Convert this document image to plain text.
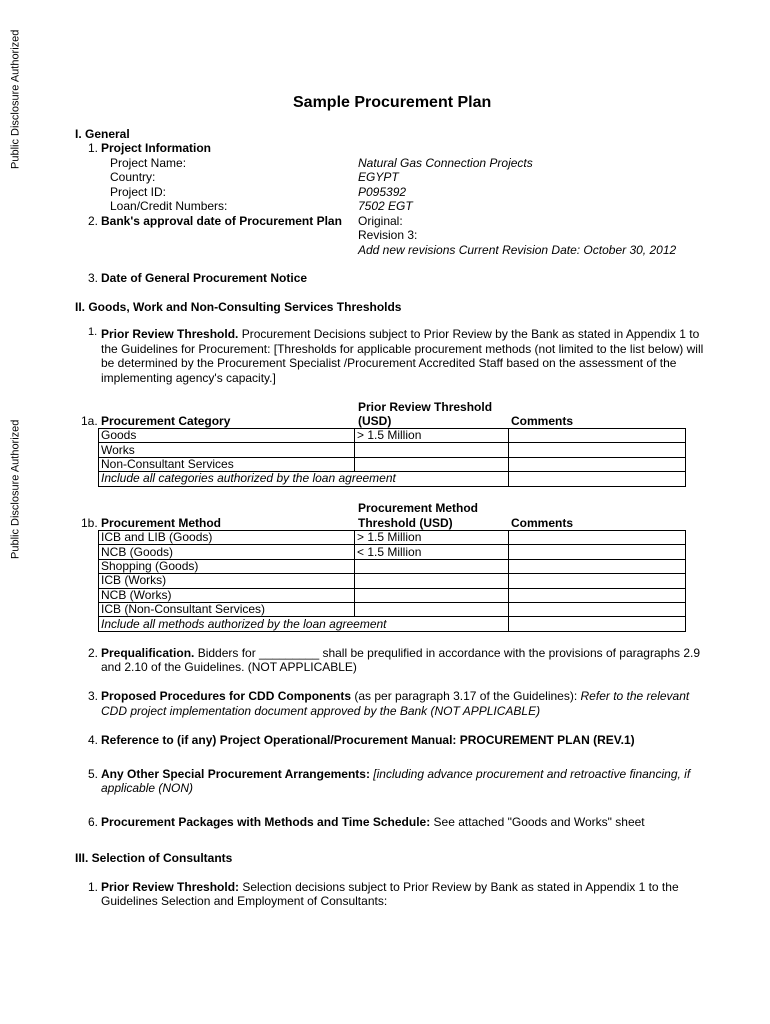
Public Disclosure Authorized
Public Disclosure Authorized
Sample Procurement Plan
I. General
1. Project Information
Project Name:	Natural Gas Connection Projects
Country:	EGYPT
Project ID:	P095392
Loan/Credit Numbers:	7502 EGT
2. Bank's approval date of Procurement Plan Original:
Revision 3:
Add new revisions Current Revision Date: October 30, 2012
3. Date of General Procurement Notice
II. Goods, Work and Non-Consulting Services Thresholds
1. Prior Review Threshold. Procurement Decisions subject to Prior Review by the Bank as stated in Appendix 1 to
the Guidelines for Procurement: [Thresholds for applicable procurement methods (not limited to the list below) will
be determined by the Procurement Specialist /Procurement Accredited Staff based on the assessment of the
implementing agency's capacity.]
Prior Review Threshold
1a. Procurement Category	(USD)	Comments
Goods	> 1.5 Million	
Works		
Non-Consultant Services		
Include all categories authorized by the loan agreement		
Procurement Method
1b. Procurement Method	Threshold (USD)	Comments
ICB and LIB (Goods)	> 1.5 Million	
NCB (Goods)	< 1.5 Million	
Shopping (Goods)		
ICB (Works)		
NCB (Works)		
ICB (Non-Consultant Services)		
Include all methods authorized by the loan agreement		
2. Prequalification. Bidders for _________ shall be prequlified in accordance with the provisions of paragraphs 2.9
and 2.10 of the Guidelines. (NOT APPLICABLE)
3. Proposed Procedures for CDD Components (as per paragraph 3.17 of the Guidelines): Refer to the relevant
CDD project implementation document approved by the Bank (NOT APPLICABLE)
4. Reference to (if any) Project Operational/Procurement Manual: PROCUREMENT PLAN (REV.1)
5. Any Other Special Procurement Arrangements: [including advance procurement and retroactive financing, if
applicable (NON)
6. Procurement Packages with Methods and Time Schedule: See attached "Goods and Works" sheet
III. Selection of Consultants
1. Prior Review Threshold: Selection decisions subject to Prior Review by Bank as stated in Appendix 1 to the
Guidelines Selection and Employment of Consultants:
